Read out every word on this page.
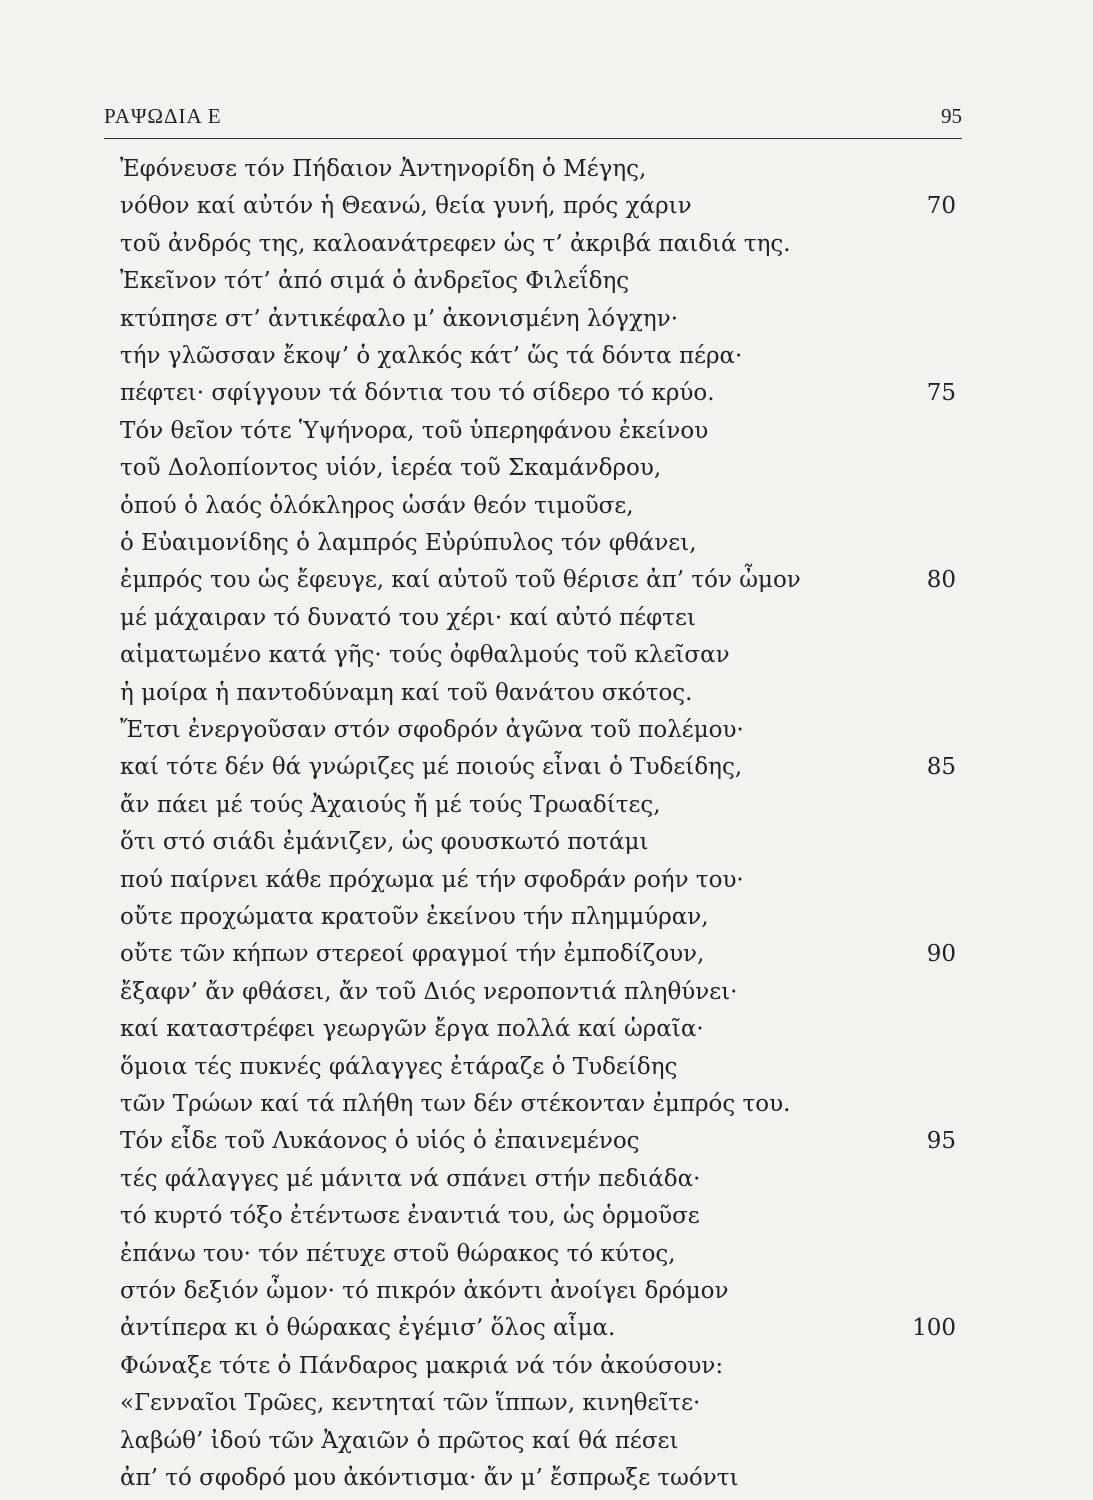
ΡΑΨΩΔΙΑ Ε	95
Ἐφόνευσε τόν Πήδαιον Ἀντηνορίδη ὁ Μέγης,
νόθον καί αὐτόν ἡ Θεανώ, θεία γυνή, πρός χάριν	70
τοῦ ἀνδρός της, καλοανάτρεφεν ὡς τ’ ἀκριβά παιδιά της.
Ἐκεῖνον τότ’ ἀπό σιμά ὁ ἀνδρεῖος Φιλεΐδης
κτύπησε στ’ ἀντικέφαλο μ’ ἀκονισμένη λόγχην·
τήν γλῶσσαν ἔκοψ’ ὁ χαλκός κάτ’ ὥς τά δόντα πέρα·
πέφτει· σφίγγουν τά δόντια του τό σίδερο τό κρύο.	75
Τόν θεῖον τότε Ὑψήνορα, τοῦ ὑπερηφάνου ἐκείνου
τοῦ Δολοπίοντος υἱόν, ἱερέα τοῦ Σκαμάνδρου,
ὁπού ὁ λαός ὁλόκληρος ὡσάν θεόν τιμοῦσε,
ὁ Εὐαιμονίδης ὁ λαμπρός Εὐρύπυλος τόν φθάνει,
ἐμπρός του ὡς ἔφευγε, καί αὐτοῦ τοῦ θέρισε ἀπ’ τόν ὦμον	80
μέ μάχαιραν τό δυνατό του χέρι· καί αὐτό πέφτει
αἱματωμένο κατά γῆς· τούς ὀφθαλμούς τοῦ κλεῖσαν
ἡ μοίρα ἡ παντοδύναμη καί τοῦ θανάτου σκότος.
Ἔτσι ἐνεργοῦσαν στόν σφοδρόν ἀγῶνα τοῦ πολέμου·
καί τότε δέν θά γνώριζες μέ ποιούς εἶναι ὁ Τυδείδης,	85
ἄν πάει μέ τούς Ἀχαιούς ἤ μέ τούς Τρωαδίτες,
ὅτι στό σιάδι ἐμάνιζεν, ὡς φουσκωτό ποτάμι
πού παίρνει κάθε πρόχωμα μέ τήν σφοδράν ροήν του·
οὔτε προχώματα κρατοῦν ἐκείνου τήν πλημμύραν,
οὔτε τῶν κήπων στερεοί φραγμοί τήν ἐμποδίζουν,	90
ἔξαφν’ ἄν φθάσει, ἄν τοῦ Διός νεροποντιά πληθύνει·
καί καταστρέφει γεωργῶν ἔργα πολλά καί ὡραῖα·
ὅμοια τές πυκνές φάλαγγες ἐτάραζε ὁ Τυδείδης
τῶν Τρώων καί τά πλήθη των δέν στέκονταν ἐμπρός του.
Τόν εἶδε τοῦ Λυκάονος ὁ υἱός ὁ ἐπαινεμένος	95
τές φάλαγγες μέ μάνιτα νά σπάνει στήν πεδιάδα·
τό κυρτό τόξο ἐτέντωσε ἐναντιά του, ὡς ὁρμοῦσε
ἐπάνω του· τόν πέτυχε στοῦ θώρακος τό κύτος,
στόν δεξιόν ὦμον· τό πικρόν ἀκόντι ἀνοίγει δρόμον
ἀντίπερα κι ὁ θώρακας ἐγέμισ’ ὅλος αἷμα.	100
Φώναξε τότε ὁ Πάνδαρος μακριά νά τόν ἀκούσουν:
«Γενναῖοι Τρῶες, κεντηταί τῶν ἵππων, κινηθεῖτε·
λαβώθ’ ἰδού τῶν Ἀχαιῶν ὁ πρῶτος καί θά πέσει
ἀπ’ τό σφοδρό μου ἀκόντισμα· ἄν μ’ ἔσπρωξε τωόντι
